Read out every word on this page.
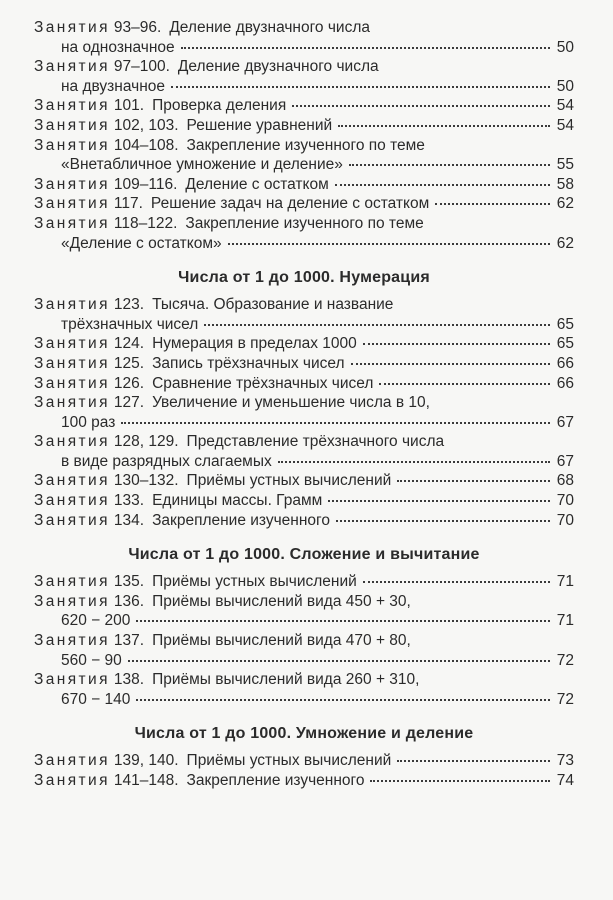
Занятия 93–96. Деление двузначного числа
на однозначное	50
Занятия 97–100. Деление двузначного числа
на двузначное	50
Занятия 101. Проверка деления	54
Занятия 102, 103. Решение уравнений	54
Занятия 104–108. Закрепление изученного по теме
«Внетабличное умножение и деление»	55
Занятия 109–116. Деление с остатком	58
Занятия 117. Решение задач на деление с остатком	62
Занятия 118–122. Закрепление изученного по теме
«Деление с остатком»	62
Числа от 1 до 1000. Нумерация
Занятия 123. Тысяча. Образование и название
трёхзначных чисел	65
Занятия 124. Нумерация в пределах 1000	65
Занятия 125. Запись трёхзначных чисел	66
Занятия 126. Сравнение трёхзначных чисел	66
Занятия 127. Увеличение и уменьшение числа в 10,
100 раз	67
Занятия 128, 129. Представление трёхзначного числа
в виде разрядных слагаемых	67
Занятия 130–132. Приёмы устных вычислений	68
Занятия 133. Единицы массы. Грамм	70
Занятия 134. Закрепление изученного	70
Числа от 1 до 1000. Сложение и вычитание
Занятия 135. Приёмы устных вычислений	71
Занятия 136. Приёмы вычислений вида 450 + 30,
620 − 200	71
Занятия 137. Приёмы вычислений вида 470 + 80,
560 − 90	72
Занятия 138. Приёмы вычислений вида 260 + 310,
670 − 140	72
Числа от 1 до 1000. Умножение и деление
Занятия 139, 140. Приёмы устных вычислений	73
Занятия 141–148. Закрепление изученного	74
